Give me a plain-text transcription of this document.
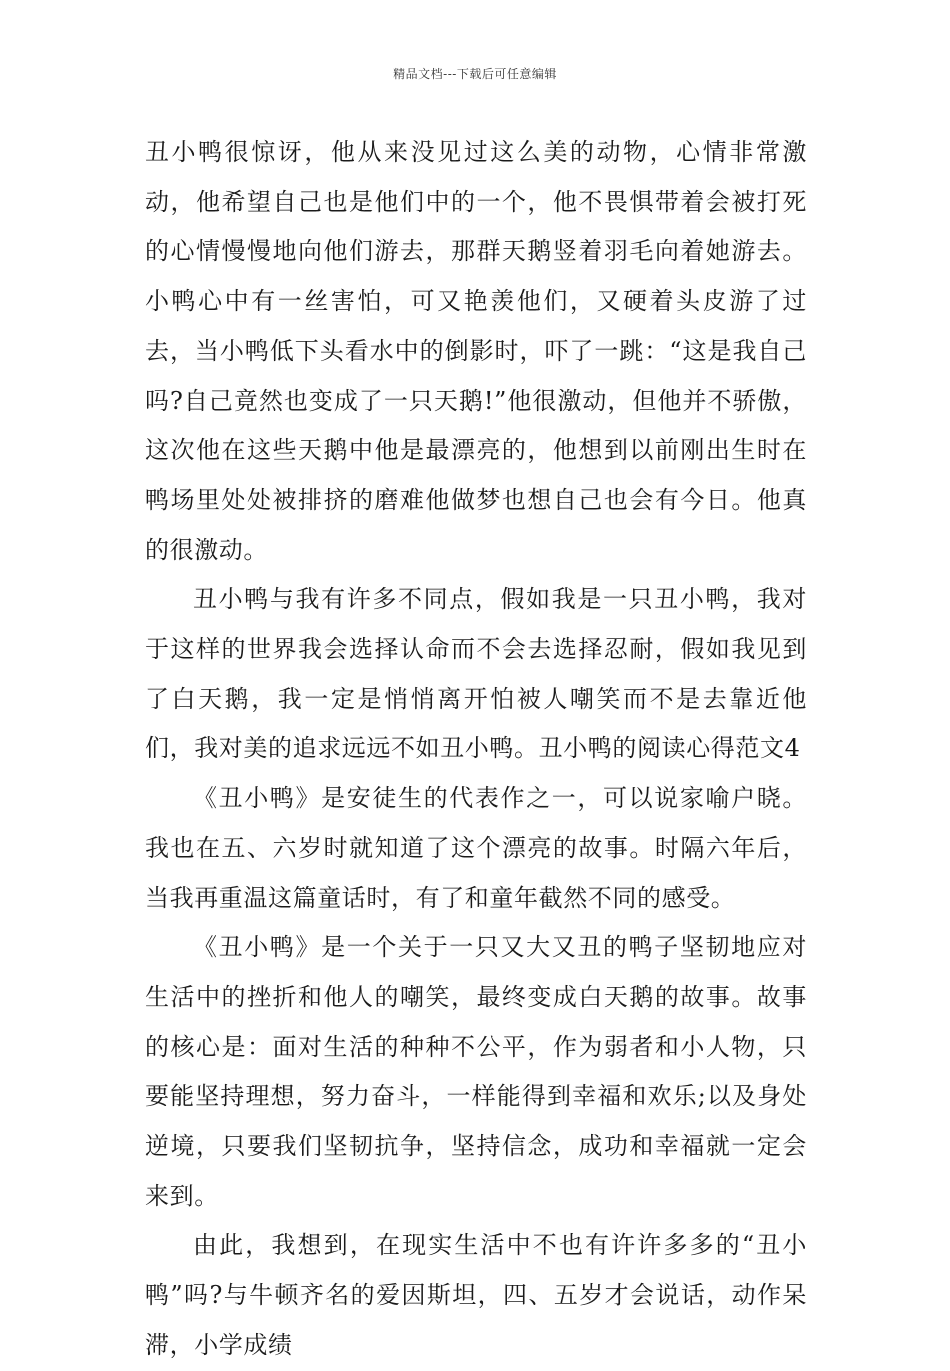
精品文档---下载后可任意编辑

丑小鸭很惊讶，他从来没见过这么美的动物，心情非常激动，他希望自己也是他们中的一个，他不畏惧带着会被打死的心情慢慢地向他们游去，那群天鹅竖着羽毛向着她游去。小鸭心中有一丝害怕，可又艳羡他们，又硬着头皮游了过去，当小鸭低下头看水中的倒影时，吓了一跳：“这是我自己吗?自己竟然也变成了一只天鹅!”他很激动，但他并不骄傲，这次他在这些天鹅中他是最漂亮的，他想到以前刚出生时在鸭场里处处被排挤的磨难他做梦也想自己也会有今日。他真的很激动。

丑小鸭与我有许多不同点，假如我是一只丑小鸭，我对于这样的世界我会选择认命而不会去选择忍耐，假如我见到了白天鹅，我一定是悄悄离开怕被人嘲笑而不是去靠近他们，我对美的追求远远不如丑小鸭。丑小鸭的阅读心得范文4

《丑小鸭》是安徒生的代表作之一，可以说家喻户晓。我也在五、六岁时就知道了这个漂亮的故事。时隔六年后，当我再重温这篇童话时，有了和童年截然不同的感受。

《丑小鸭》是一个关于一只又大又丑的鸭子坚韧地应对生活中的挫折和他人的嘲笑，最终变成白天鹅的故事。故事的核心是：面对生活的种种不公平，作为弱者和小人物，只要能坚持理想，努力奋斗，一样能得到幸福和欢乐;以及身处逆境，只要我们坚韧抗争，坚持信念，成功和幸福就一定会来到。

由此，我想到，在现实生活中不也有许许多多的“丑小鸭”吗?与牛顿齐名的爱因斯坦，四、五岁才会说话，动作呆滞，小学成绩
